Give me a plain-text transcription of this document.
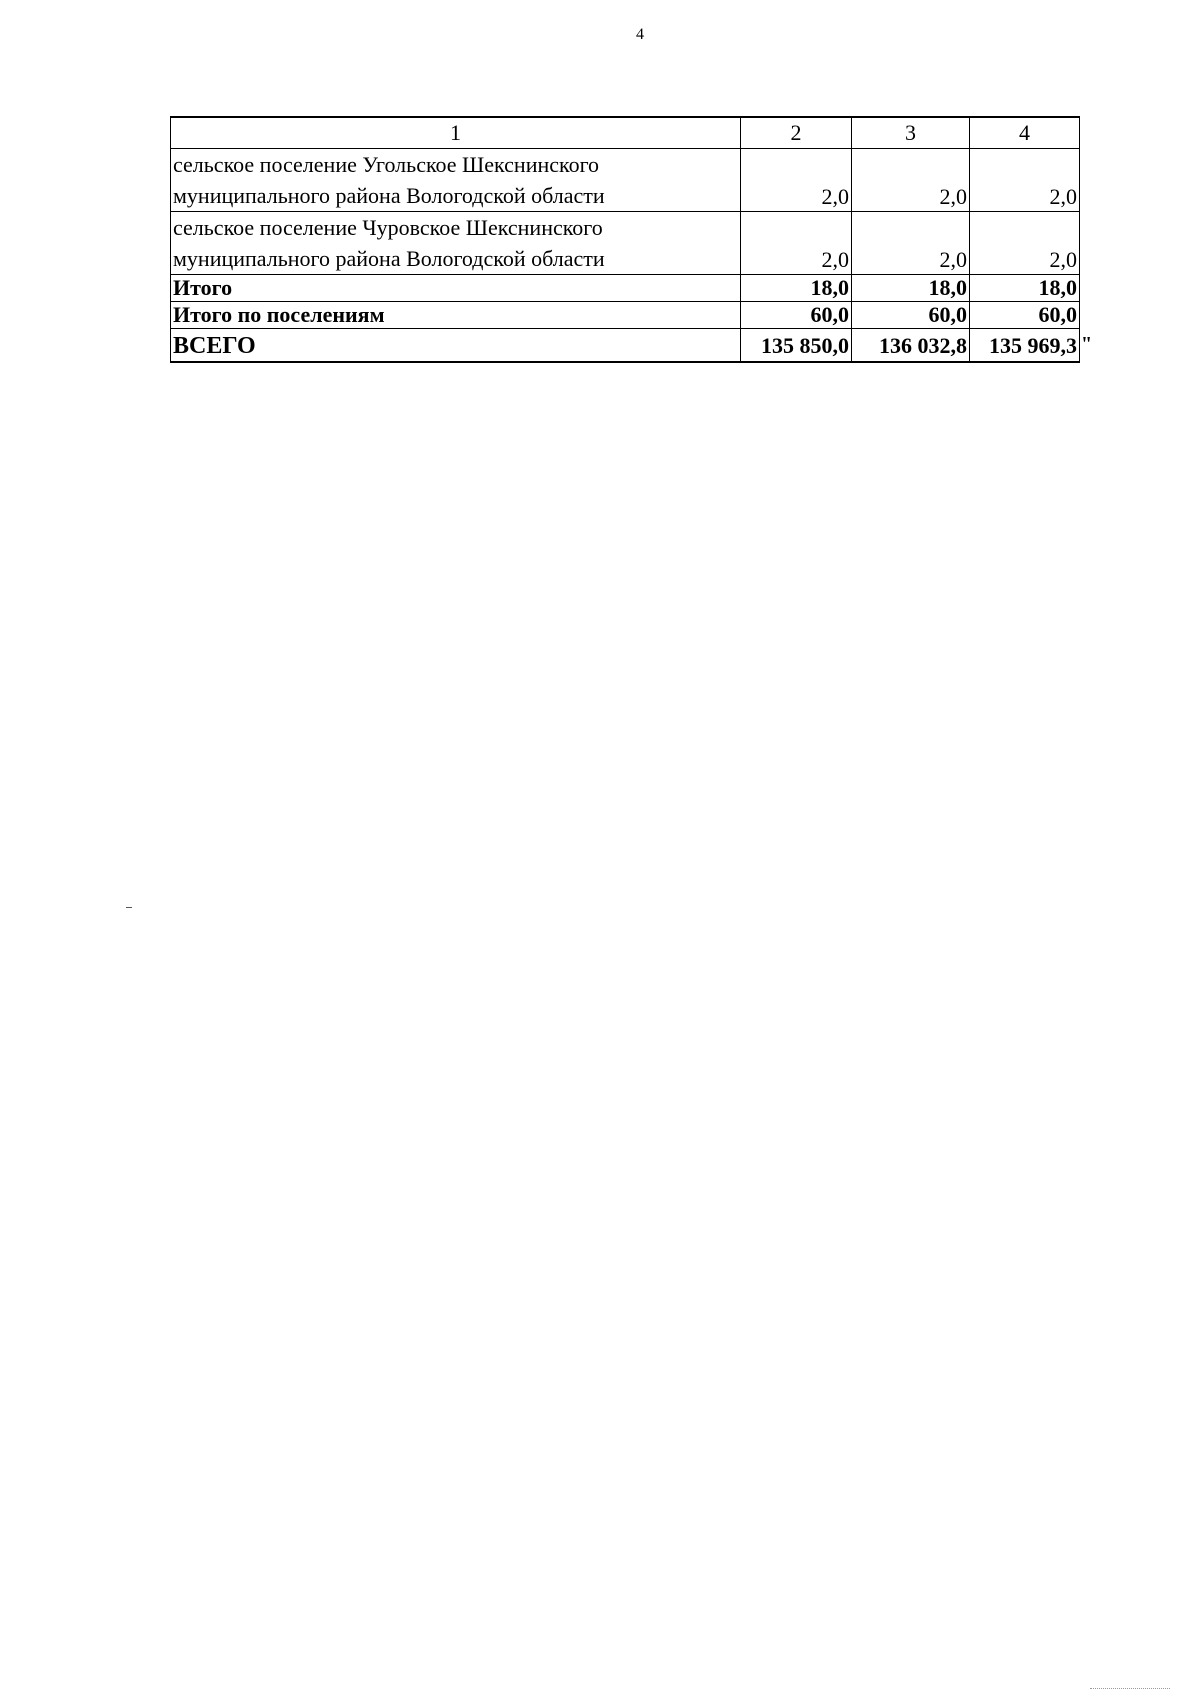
4
1	2	3	4
сельское поселение Угольское Шекснинского муниципального района Вологодской области	2,0	2,0	2,0
сельское поселение Чуровское Шекснинского муниципального района Вологодской области	2,0	2,0	2,0
Итого	18,0	18,0	18,0
Итого по поселениям	60,0	60,0	60,0
ВСЕГО	135 850,0	136 032,8	135 969,3 "
